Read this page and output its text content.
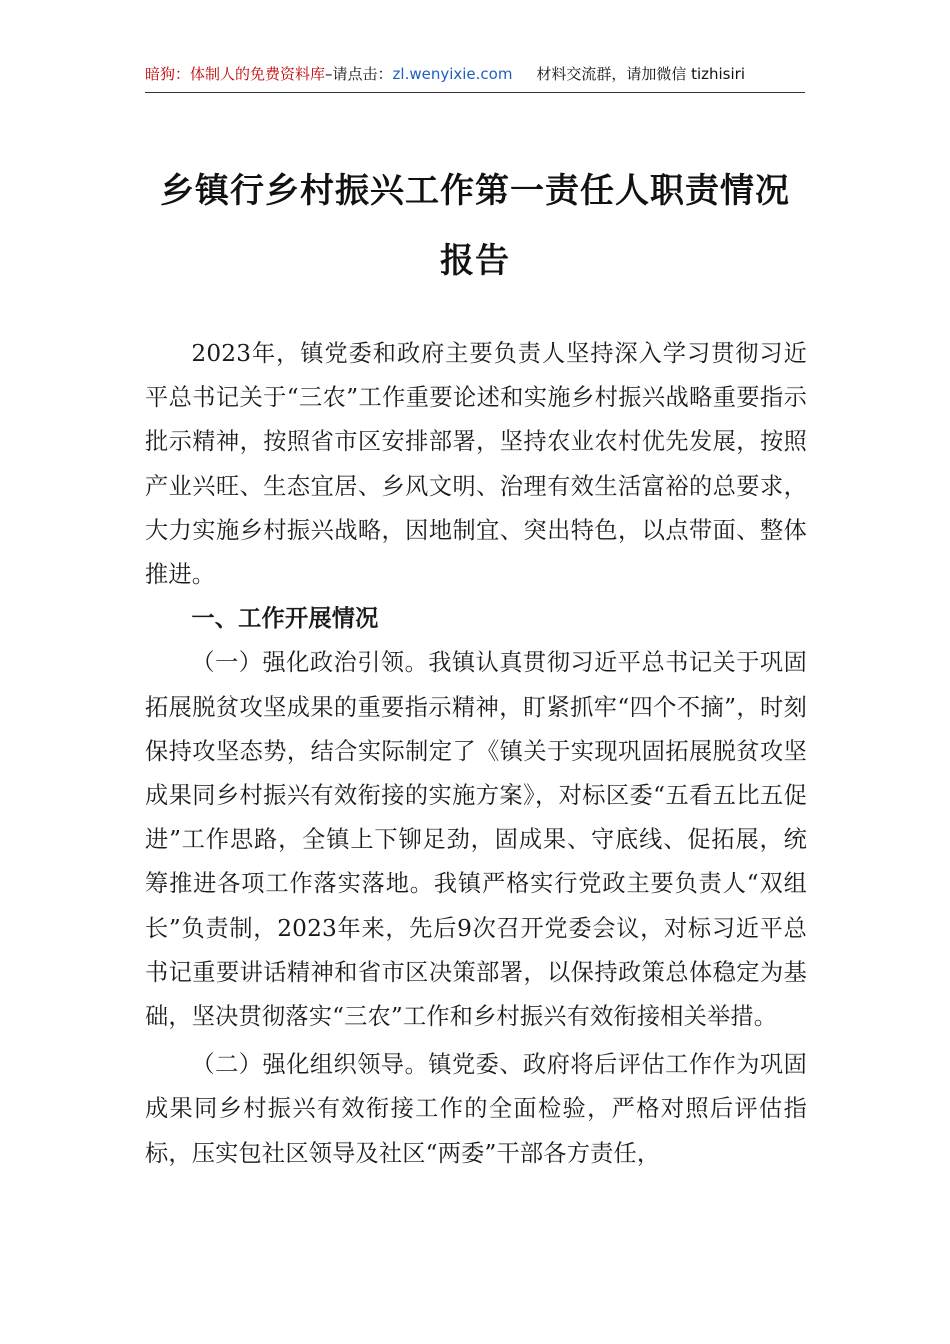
暗狗：体制人的免费资料库–请点击：zl.wenyixie.com 材料交流群，请加微信 tizhisiri
乡镇行乡村振兴工作第一责任人职责情况
报告

2023年，镇党委和政府主要负责人坚持深入学习贯彻习近平总书记关于“三农”工作重要论述和实施乡村振兴战略重要指示批示精神，按照省市区安排部署，坚持农业农村优先发展，按照产业兴旺、生态宜居、乡风文明、治理有效生活富裕的总要求，大力实施乡村振兴战略，因地制宜、突出特色，以点带面、整体推进。

一、工作开展情况

（一）强化政治引领。我镇认真贯彻习近平总书记关于巩固拓展脱贫攻坚成果的重要指示精神，盯紧抓牢“四个不摘”，时刻保持攻坚态势，结合实际制定了《镇关于实现巩固拓展脱贫攻坚成果同乡村振兴有效衔接的实施方案》，对标区委“五看五比五促进”工作思路，全镇上下铆足劲，固成果、守底线、促拓展，统筹推进各项工作落实落地。我镇严格实行党政主要负责人“双组长”负责制，2023年来，先后9次召开党委会议，对标习近平总书记重要讲话精神和省市区决策部署，以保持政策总体稳定为基础，坚决贯彻落实“三农”工作和乡村振兴有效衔接相关举措。

（二）强化组织领导。镇党委、政府将后评估工作作为巩固成果同乡村振兴有效衔接工作的全面检验，严格对照后评估指标，压实包社区领导及社区“两委”干部各方责任，
